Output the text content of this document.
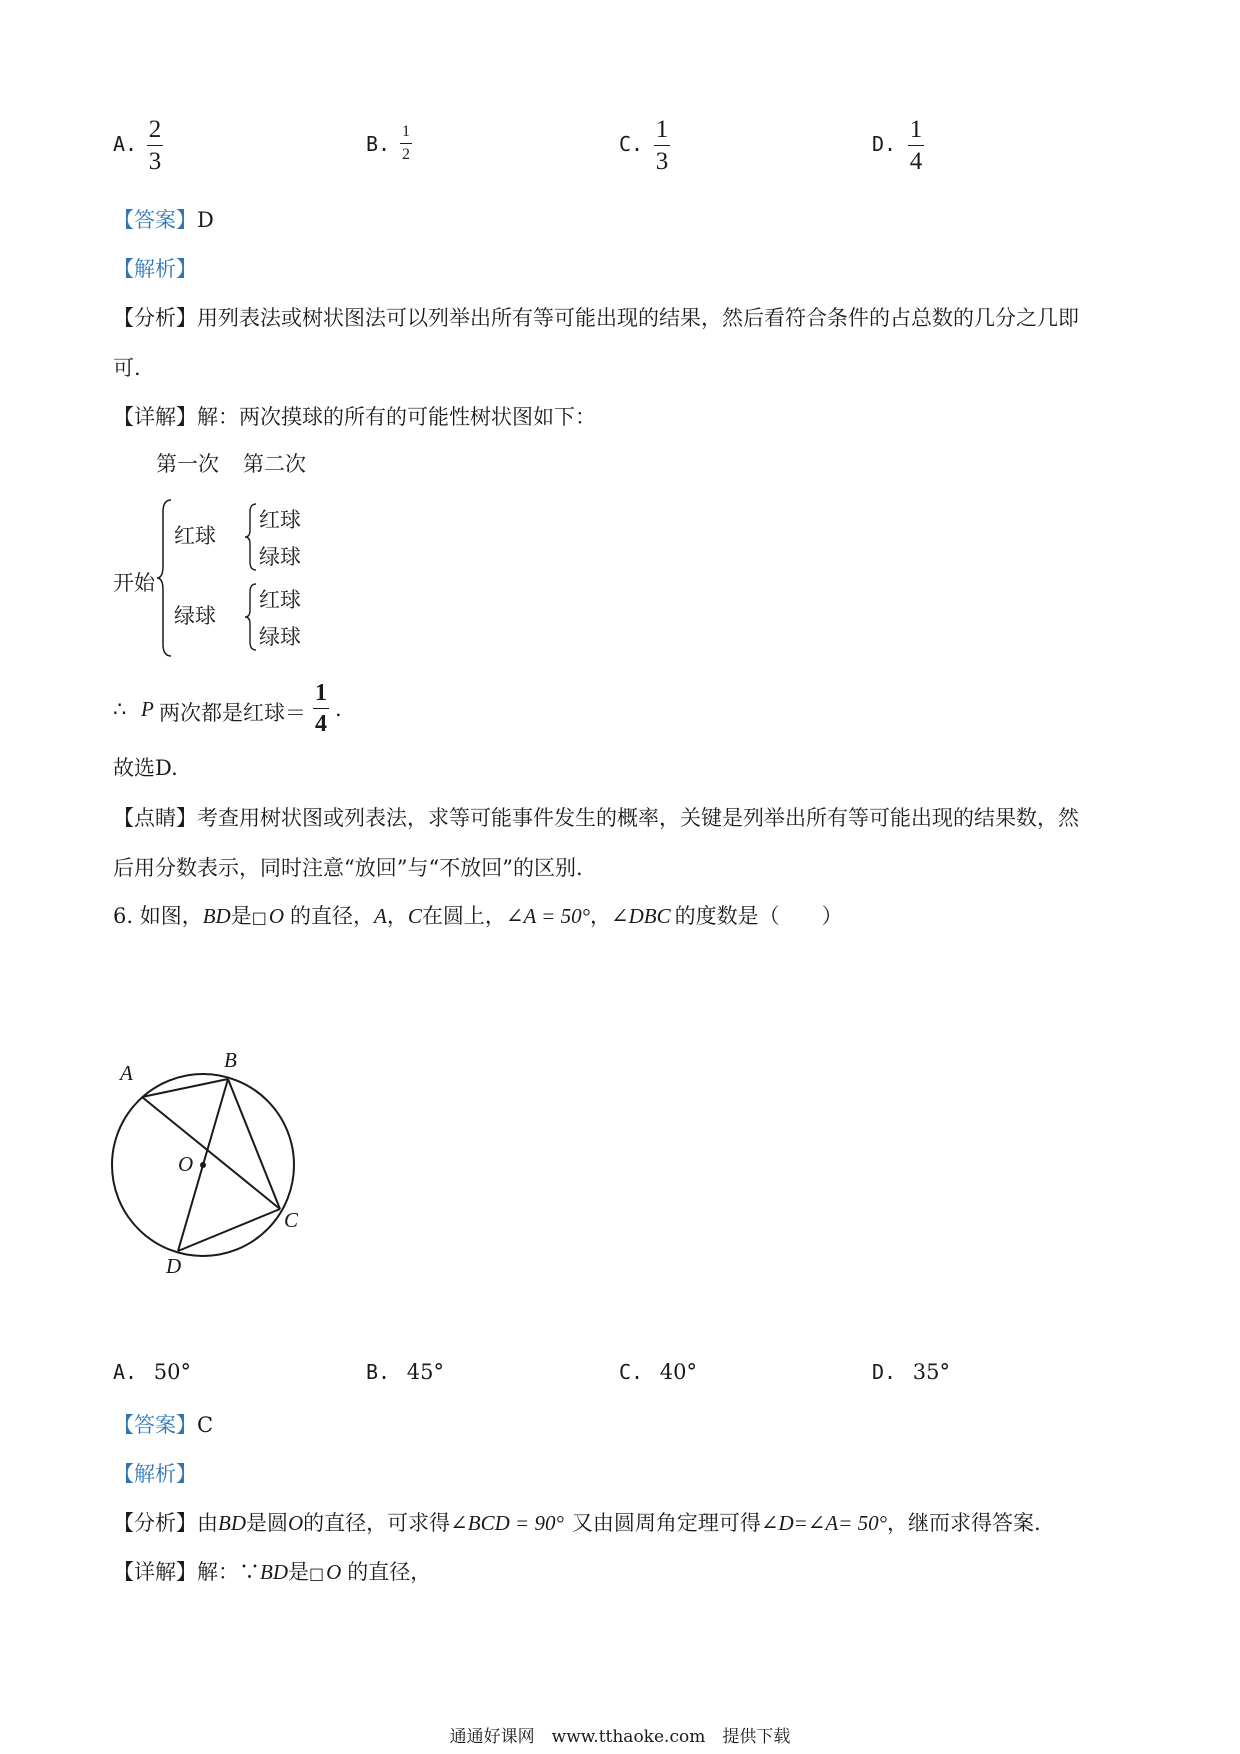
A.
2
3
B.
1
2	C.
1
3
D.
1
4
【答案】D
【解析】
【分析】用列表法或树状图法可以列举出所有等可能出现的结果，然后看符合条件的占总数的几分之几即
可.
【详解】解：两次摸球的所有的可能性树状图如下：
第一次 第二次
开始
红球
绿球
红球
绿球
红球
绿球
∴ P 两次都是红球＝
1
4
.
故选D.
【点睛】考查用树状图或列表法，求等可能事件发生的概率，关键是列举出所有等可能出现的结果数，然
后用分数表示，同时注意“放回”与“不放回”的区别.
6. 如图，BD是□O 的直径，A，C在圆上，∠A = 50°，∠DBC 的度数是（　　）
A
B
C
D
O
A. 50°	B. 45°	C. 40°	D. 35°
【答案】C
【解析】
【分析】由BD是圆O的直径，可求得∠BCD = 90° 又由圆周角定理可得∠D=∠A= 50°，继而求得答案.
【详解】解：∵BD是□O 的直径，
通通好课网　www.tthaoke.com　提供下载
